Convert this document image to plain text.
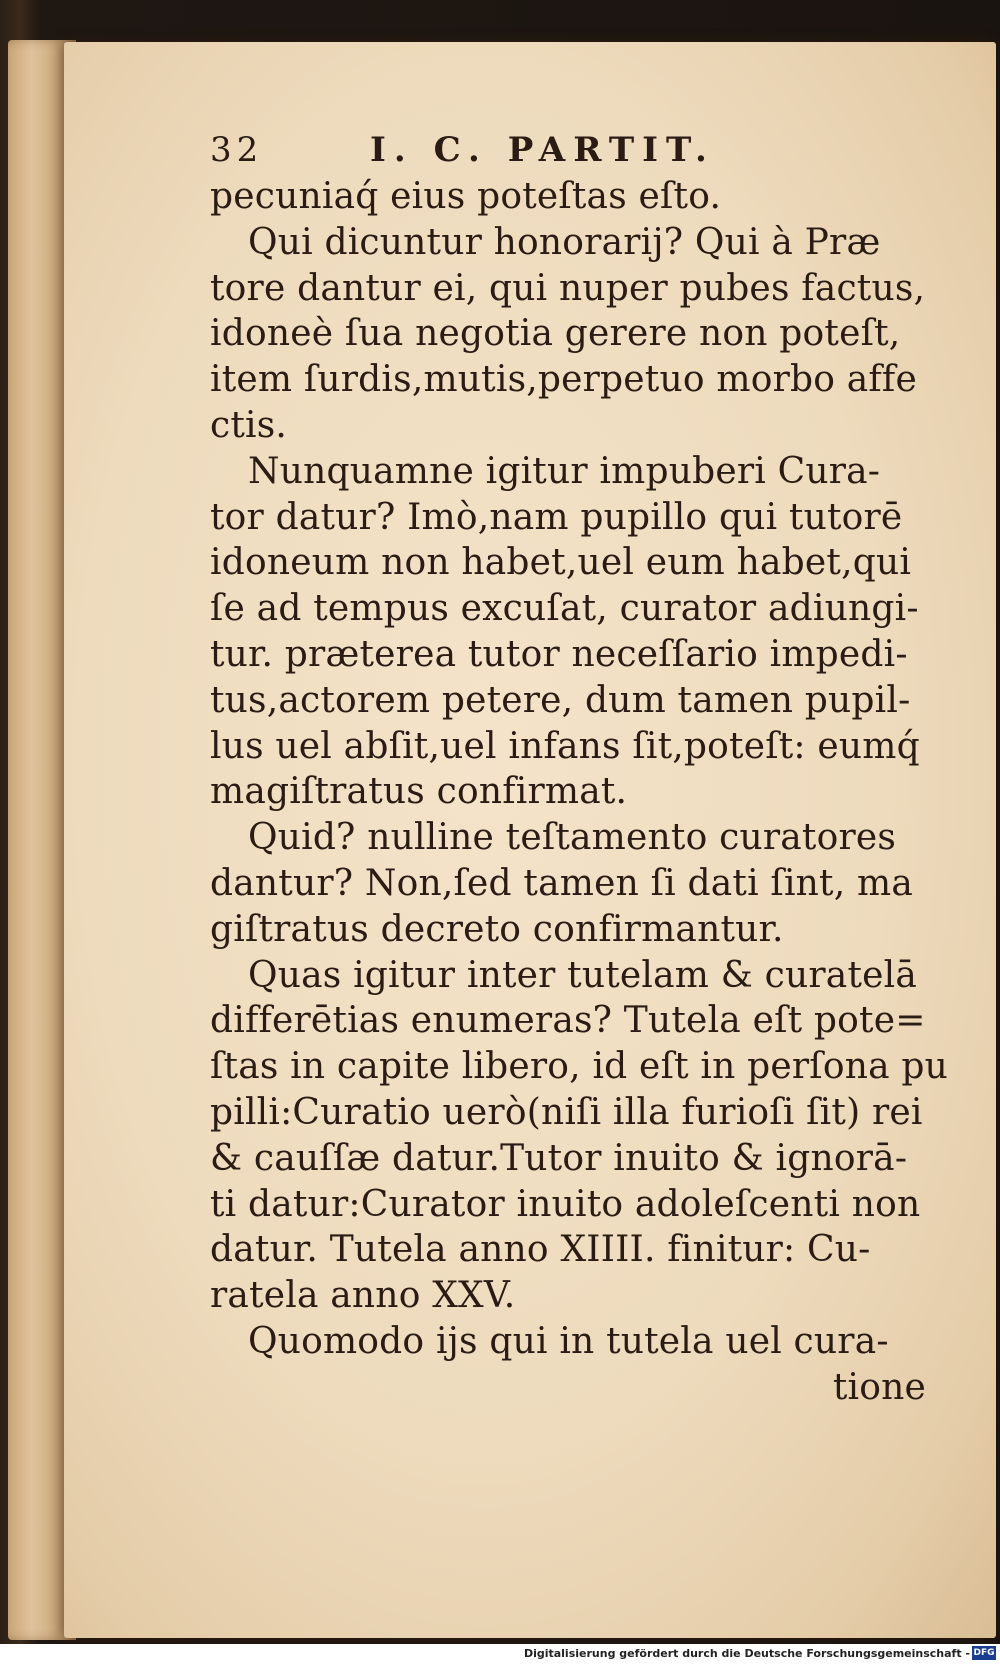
32	I. C. PARTIT.
pecuniaq́ eius poteſtas eſto.
Qui dicuntur honorarij? Qui à Præ
tore dantur ei, qui nuper pubes factus,
idoneè ſua negotia gerere non poteſt,
item ſurdis,mutis,perpetuo morbo affe
ctis.
Nunquamne igitur impuberi Cura-
tor datur? Imò,nam pupillo qui tutorē
idoneum non habet,uel eum habet,qui
ſe ad tempus excuſat, curator adiungi-
tur. præterea tutor neceſſario impedi-
tus,actorem petere, dum tamen pupil-
lus uel abſit,uel infans ſit,poteſt: eumq́
magiſtratus confirmat.
Quid? nulline teſtamento curatores
dantur? Non,ſed tamen ſi dati ſint, ma
giſtratus decreto confirmantur.
Quas igitur inter tutelam & curatelā
differētias enumeras? Tutela eſt pote=
ſtas in capite libero, id eſt in perſona pu
pilli:Curatio uerò(niſi illa furioſi ſit) rei
& cauſſæ datur.Tutor inuito & ignorā-
ti datur:Curator inuito adoleſcenti non
datur. Tutela anno XIIII. finitur: Cu-
ratela anno XXV.
Quomodo ijs qui in tutela uel cura-
tione
Digitalisierung gefördert durch die Deutsche Forschungsgemeinschaft - DFG
